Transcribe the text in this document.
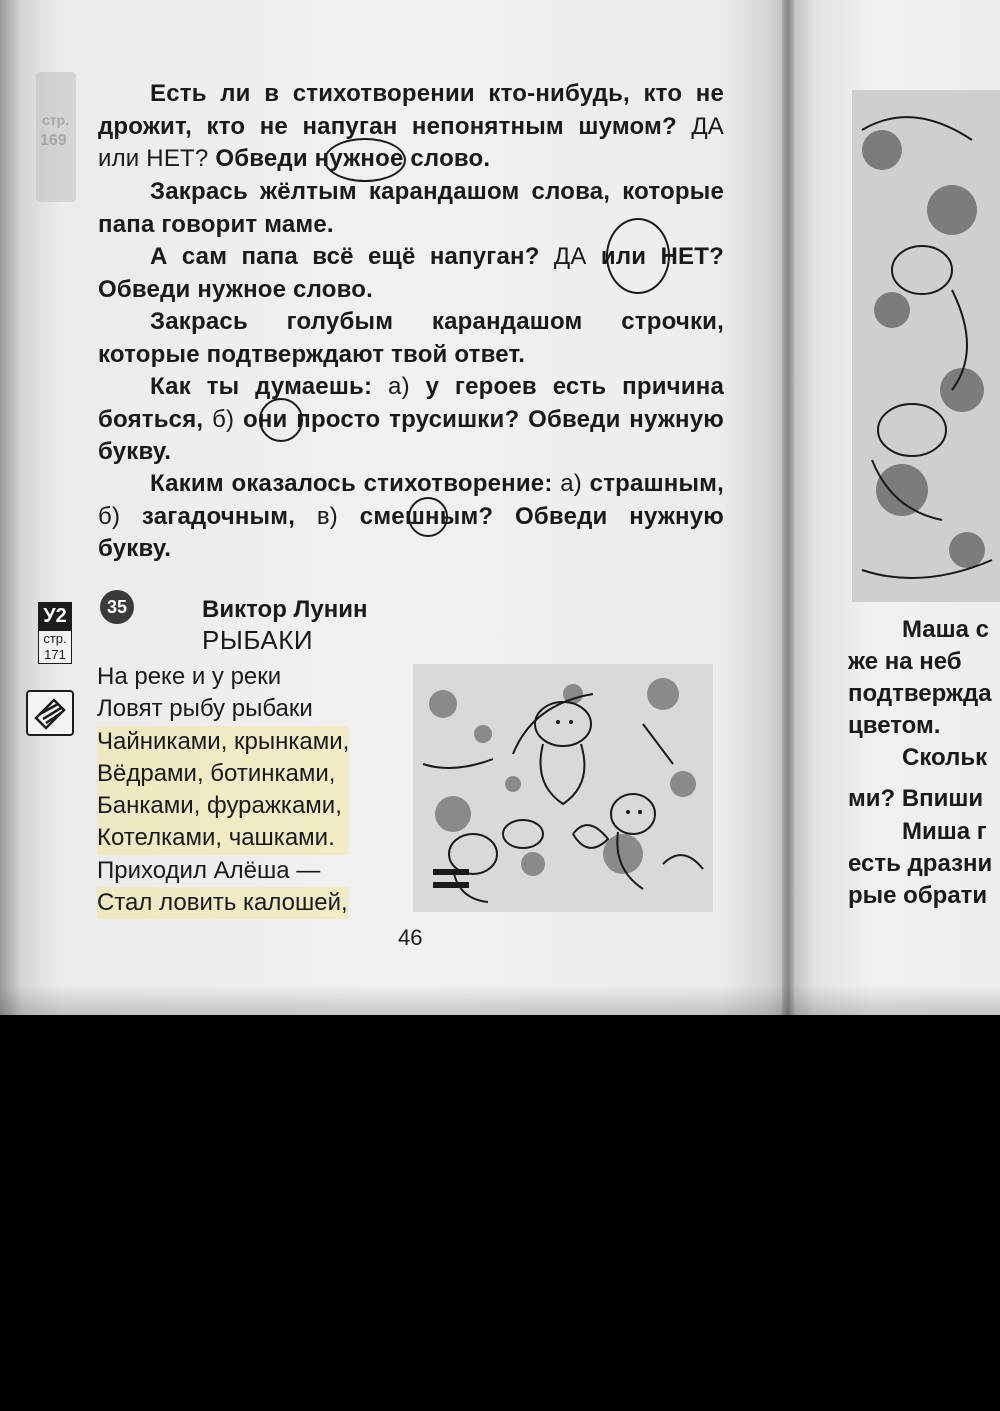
стр.
169

Есть ли в стихотворении кто-нибудь, кто не дрожит, кто не напуган непонятным шумом? ДА или НЕТ? Обведи нужное слово.

Закрась жёлтым карандашом слова, которые папа говорит маме.

А сам папа всё ещё напуган? ДА или НЕТ? Обведи нужное слово.

Закрась голубым карандашом строчки, которые подтверждают твой ответ.

Как ты думаешь: а) у героев есть причина бояться, б) они просто трусишки? Обведи нужную букву.

Каким оказалось стихотворение: а) страшным, б) загадочным, в) смешным? Обведи нужную букву.

У2
стр.
171
35	Виктор Лунин
РЫБАКИ
На реке и у реки
Ловят рыбу рыбаки
Чайниками, крынками,
Вёдрами, ботинками,
Банками, фуражками,
Котелками, чашками.
Приходил Алёша —
Стал ловить калошей,
Маша с
же на неб
подтвержда
цветом.
Скольк
ми? Впиши
Миша г
есть дразни
рые обрати
46
